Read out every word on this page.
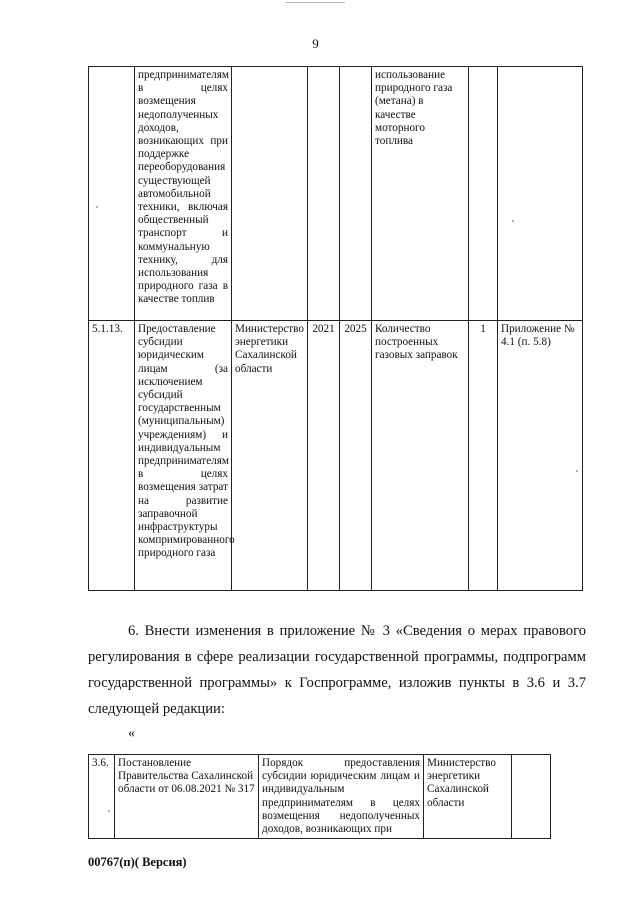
9
	предпринимателям в целях возмещения недополученных доходов, возникающих при поддержке переоборудования существующей автомобильной техники, включая общественный транспорт и коммунальную технику, для использования природного газа в качестве топлив				использование природного газа (метана) в качестве моторного топлива		
5.1.13.	Предоставление субсидии юридическим лицам (за исключением субсидий государственным (муниципальным) учреждениям) и индивидуальным предпринимателям в целях возмещения затрат на развитие заправочной инфраструктуры компримированного природного газа	Министерство энергетики Сахалинской области	2021	2025	Количество построенных газовых заправок	1	Приложение № 4.1 (п. 5.8)
6. Внести изменения в приложение № 3 «Сведения о мерах правового регулирования в сфере реализации государственной программы, подпрограмм государственной программы» к Госпрограмме, изложив пункты в 3.6 и 3.7 следующей редакции:
«
3.6.	Постановление Правительства Сахалинской области от 06.08.2021 № 317	Порядок предоставления субсидии юридическим лицам и индивидуальным предпринимателям в целях возмещения недополученных доходов, возникающих при	Министерство энергетики Сахалинской области	
00767(п)( Версия)
